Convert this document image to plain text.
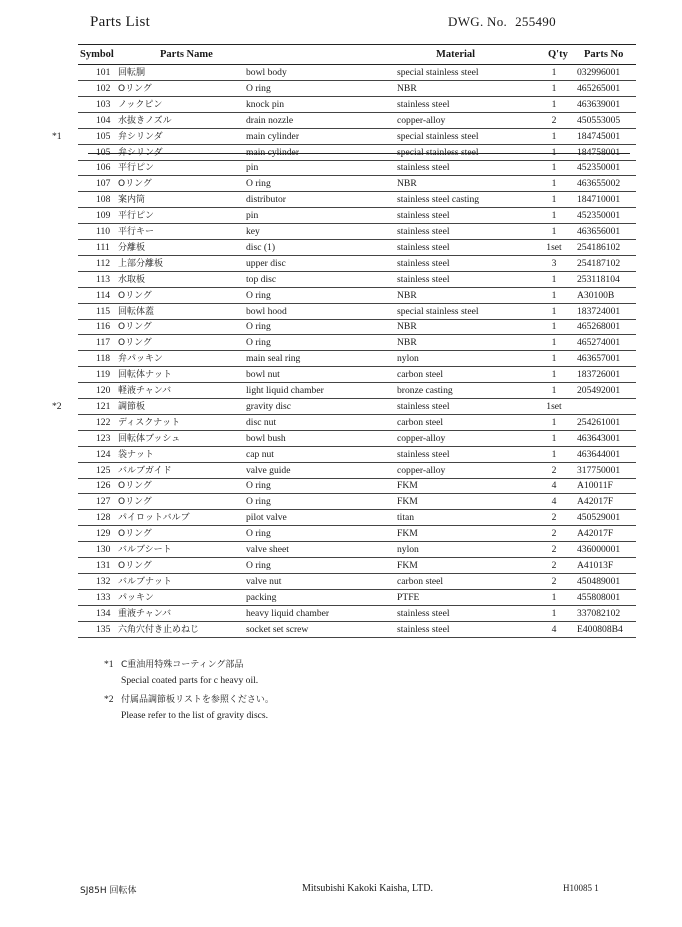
Parts List	DWG. No. 255490
Symbol	Parts Name	Material	Q'ty Parts No
101 回転胴	bowl body	special stainless steel	1	032996001
102 Oリング	O ring	NBR	1	465265001
103 ノックピン	knock pin	stainless steel	1	463639001
104 水抜きノズル	drain nozzle	copper-alloy	2	450553005
*1	105 弁シリンダ	main cylinder	special stainless steel	1	184745001
105 弁シリンダ	main cylinder	special stainless steel	1	184758001
106 平行ピン	pin	stainless steel	1	452350001
107 Oリング	O ring	NBR	1	463655002
108 案内筒	distributor	stainless steel casting	1	184710001
109 平行ピン	pin	stainless steel	1	452350001
110 平行キー	key	stainless steel	1	463656001
111 分離板	disc (1)	stainless steel	1set 254186102
112 上部分離板	upper disc	stainless steel	3	254187102
113 水取板	top disc	stainless steel	1	253118104
114 Oリング	O ring	NBR	1	A30100B
115 回転体蓋	bowl hood	special stainless steel	1	183724001
116 Oリング	O ring	NBR	1	465268001
117 Oリング	O ring	NBR	1	465274001
118 弁パッキン	main seal ring	nylon	1	463657001
119 回転体ナット	bowl nut	carbon steel	1	183726001
120 軽液チャンバ	light liquid chamber	bronze casting	1	205492001
*2	121 調節板	gravity disc	stainless steel	1set
122 ディスクナット	disc nut	carbon steel	1	254261001
123 回転体ブッシュ	bowl bush	copper-alloy	1	463643001
124 袋ナット	cap nut	stainless steel	1	463644001
125 バルブガイド	valve guide	copper-alloy	2	317750001
126 Oリング	O ring	FKM	4	A10011F
127 Oリング	O ring	FKM	4	A42017F
128 パイロットバルブ	pilot valve	titan	2	450529001
129 Oリング	O ring	FKM	2	A42017F
130 バルブシート	valve sheet	nylon	2	436000001
131 Oリング	O ring	FKM	2	A41013F
132 バルブナット	valve nut	carbon steel	2	450489001
133 パッキン	packing	PTFE	1	455808001
134 重液チャンバ	heavy liquid chamber	stainless steel	1	337082102
135 六角穴付き止めねじ	socket set screw	stainless steel	4	E400808B4
*1 C重油用特殊コーティング部品
Special coated parts for c heavy oil.
*2 付属品調節板リストを参照ください。
Please refer to the list of gravity discs.
SJ85H 回転体	Mitsubishi Kakoki Kaisha, LTD.	H10085 1
